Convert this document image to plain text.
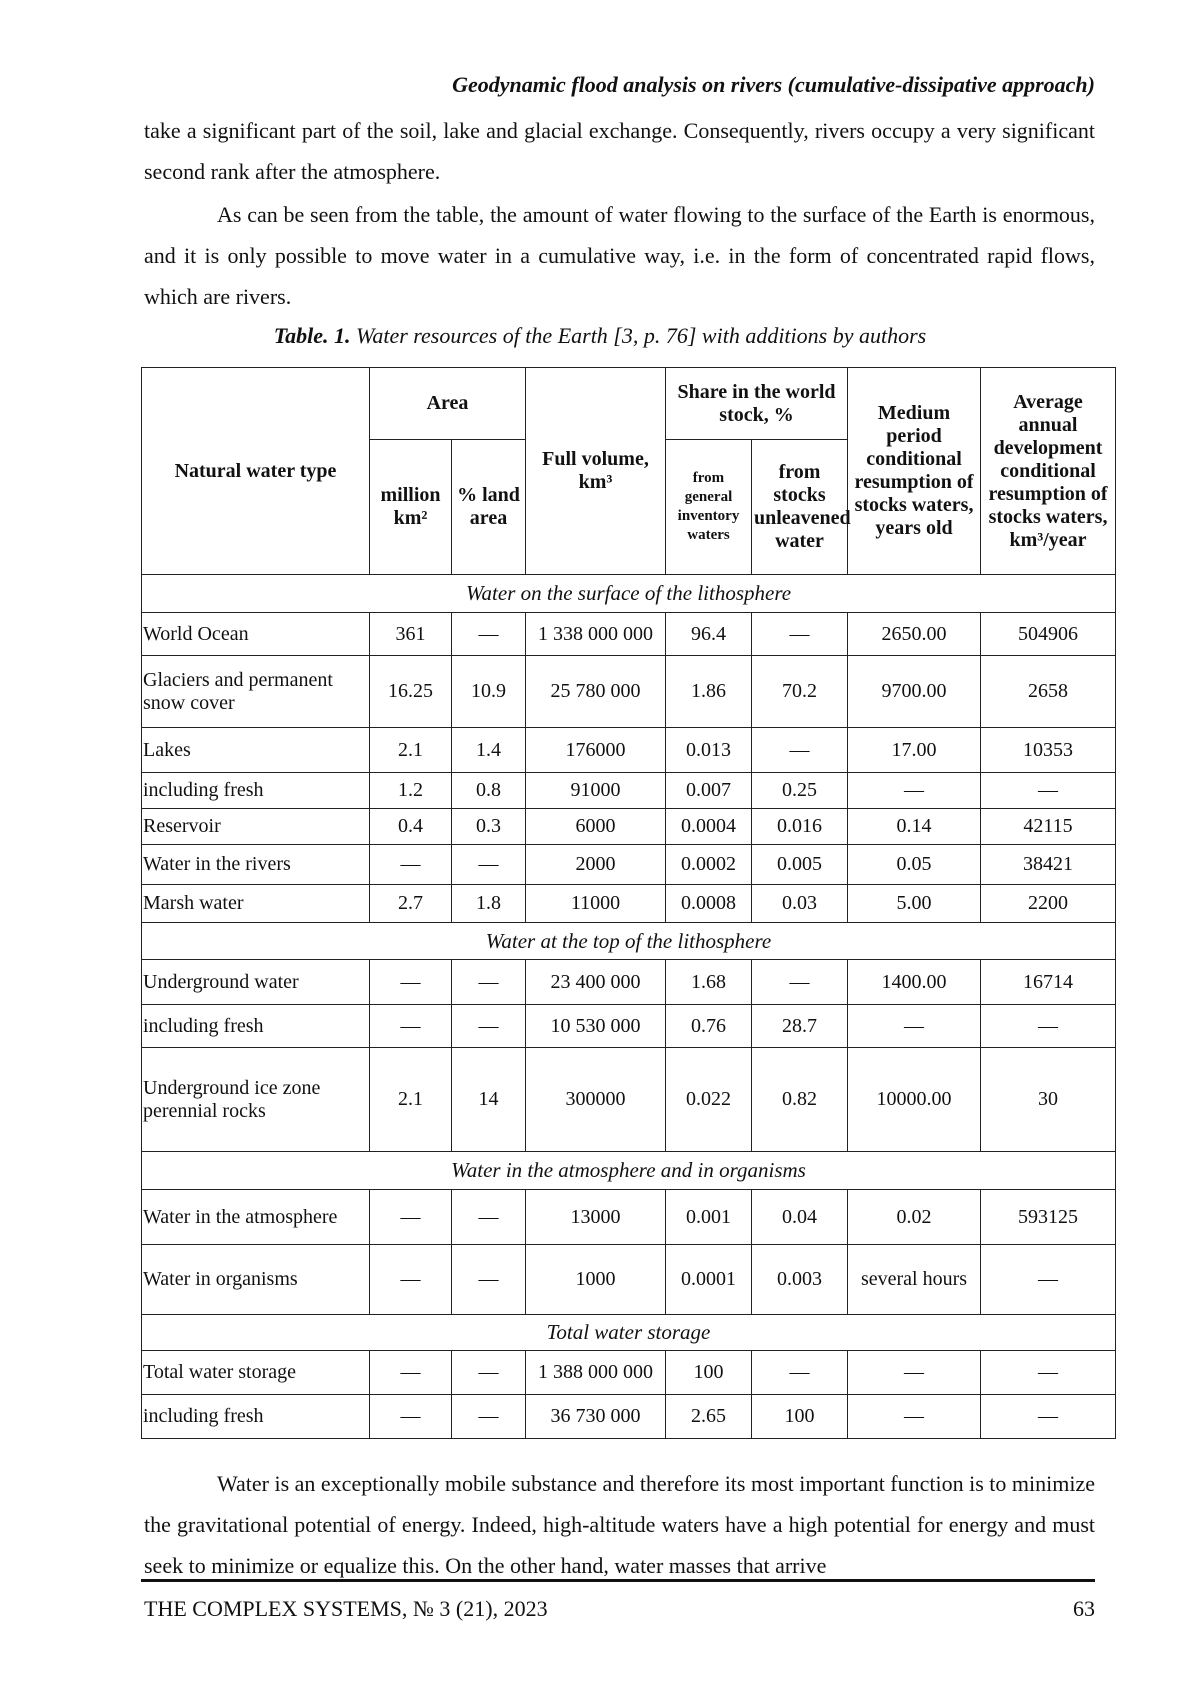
Geodynamic flood analysis on rivers (cumulative-dissipative approach)
take a significant part of the soil, lake and glacial exchange. Consequently, rivers occupy a very significant second rank after the atmosphere.
As can be seen from the table, the amount of water flowing to the surface of the Earth is enormous, and it is only possible to move water in a cumulative way, i.e. in the form of concentrated rapid flows, which are rivers.
Table. 1. Water resources of the Earth [3, p. 76] with additions by authors
Natural water type	Area		Full volume, km³	Share in the world stock, %		Medium period conditional resumption of stocks waters, years old	Average annual development conditional resumption of stocks waters, km³/year
	million km²	% land area		from general inventory waters	from stocks unleavened water		
Water on the surface of the lithosphere							
World Ocean	361	—	1 338 000 000	96.4	—	2650.00	504906
Glaciers and permanent snow cover	16.25	10.9	25 780 000	1.86	70.2	9700.00	2658
Lakes	2.1	1.4	176000	0.013	—	17.00	10353
including fresh	1.2	0.8	91000	0.007	0.25	—	—
Reservoir	0.4	0.3	6000	0.0004	0.016	0.14	42115
Water in the rivers	—	—	2000	0.0002	0.005	0.05	38421
Marsh water	2.7	1.8	11000	0.0008	0.03	5.00	2200
Water at the top of the lithosphere							
Underground water	—	—	23 400 000	1.68	—	1400.00	16714
including fresh	—	—	10 530 000	0.76	28.7	—	—
Underground ice zone perennial rocks	2.1	14	300000	0.022	0.82	10000.00	30
Water in the atmosphere and in organisms							
Water in the atmosphere	—	—	13000	0.001	0.04	0.02	593125
Water in organisms	—	—	1000	0.0001	0.003	several hours	—
Total water storage							
Total water storage	—	—	1 388 000 000	100	—	—	—
including fresh	—	—	36 730 000	2.65	100	—	—
Water is an exceptionally mobile substance and therefore its most important function is to minimize the gravitational potential of energy. Indeed, high-altitude waters have a high potential for energy and must seek to minimize or equalize this. On the other hand, water masses that arrive
THE COMPLEX SYSTEMS, № 3 (21), 2023	63
